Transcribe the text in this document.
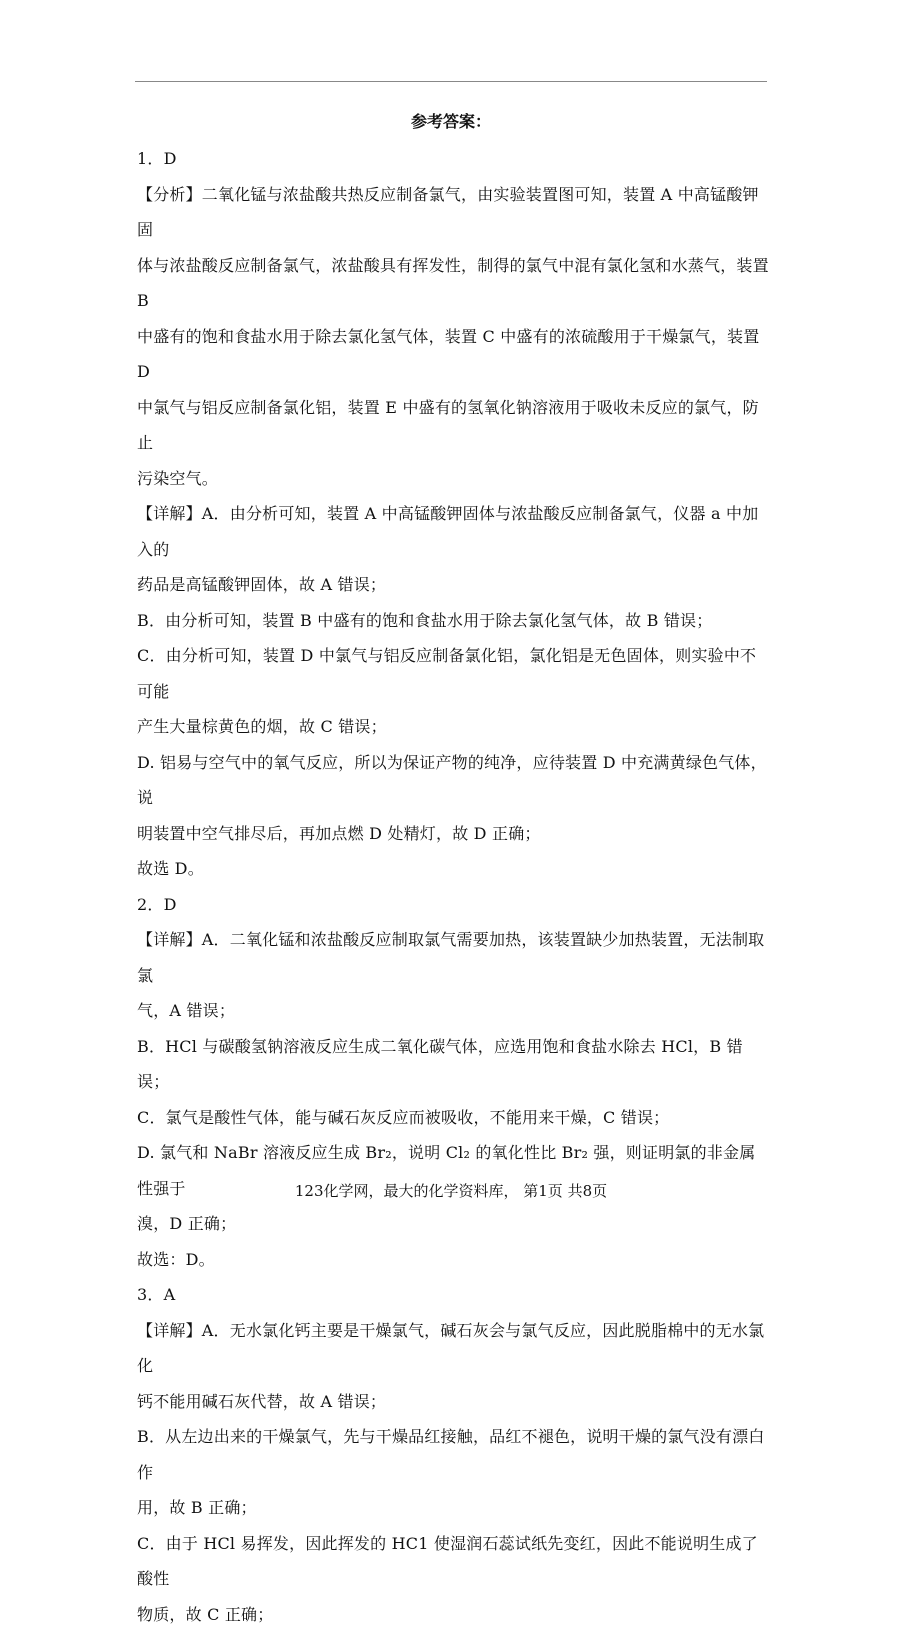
参考答案：

1．D

【分析】二氧化锰与浓盐酸共热反应制备氯气，由实验装置图可知，装置 A 中高锰酸钾固

体与浓盐酸反应制备氯气，浓盐酸具有挥发性，制得的氯气中混有氯化氢和水蒸气，装置 B

中盛有的饱和食盐水用于除去氯化氢气体，装置 C 中盛有的浓硫酸用于干燥氯气，装置 D

中氯气与铝反应制备氯化铝，装置 E 中盛有的氢氧化钠溶液用于吸收未反应的氯气，防止

污染空气。

【详解】A．由分析可知，装置 A 中高锰酸钾固体与浓盐酸反应制备氯气，仪器 a 中加入的

药品是高锰酸钾固体，故 A 错误；

B．由分析可知，装置 B 中盛有的饱和食盐水用于除去氯化氢气体，故 B 错误；

C．由分析可知，装置 D 中氯气与铝反应制备氯化铝，氯化铝是无色固体，则实验中不可能

产生大量棕黄色的烟，故 C 错误；

D. 铝易与空气中的氧气反应，所以为保证产物的纯净，应待装置 D 中充满黄绿色气体，说

明装置中空气排尽后，再加点燃 D 处精灯，故 D 正确；

故选 D。

2．D

【详解】A．二氧化锰和浓盐酸反应制取氯气需要加热，该装置缺少加热装置，无法制取氯

气，A 错误；

B．HCl 与碳酸氢钠溶液反应生成二氧化碳气体，应选用饱和食盐水除去 HCl，B 错误；

C．氯气是酸性气体，能与碱石灰反应而被吸收，不能用来干燥，C 错误；

D. 氯气和 NaBr 溶液反应生成 Br₂，说明 Cl₂ 的氧化性比 Br₂ 强，则证明氯的非金属性强于

溴，D 正确；

故选：D。

3．A

【详解】A．无水氯化钙主要是干燥氯气，碱石灰会与氯气反应，因此脱脂棉中的无水氯化

钙不能用碱石灰代替，故 A 错误；

B．从左边出来的干燥氯气，先与干燥品红接触，品红不褪色，说明干燥的氯气没有漂白作

用，故 B 正确；

C．由于 HCl 易挥发，因此挥发的 HC1 使湿润石蕊试纸先变红，因此不能说明生成了酸性

物质，故 C 正确；

123化学网，最大的化学资料库， 第1页 共8页
